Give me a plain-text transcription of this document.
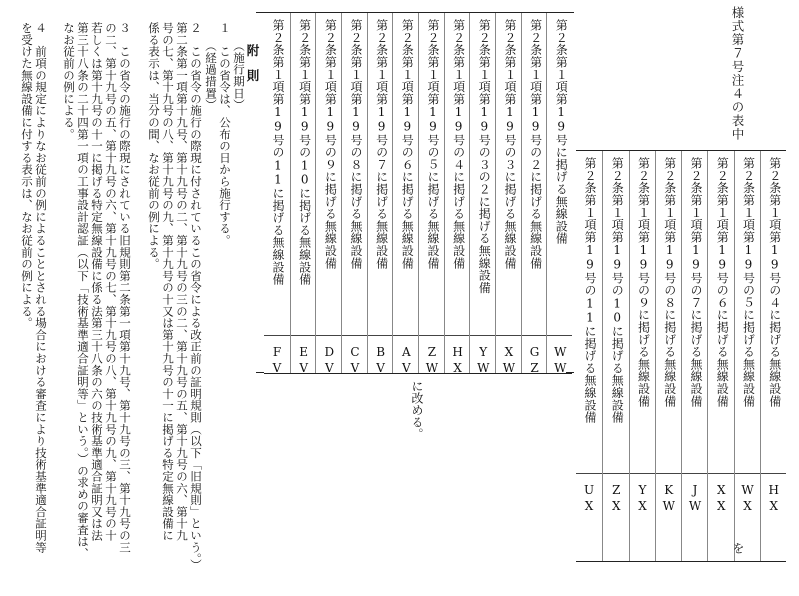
様式第７号注４の表中
第２条第１項第19号の４に掲げる無線設備
HX
第２条第１項第19号の５に掲げる無線設備
WX
第２条第１項第19号の６に掲げる無線設備
XX
第２条第１項第19号の７に掲げる無線設備
JW
第２条第１項第19号の８に掲げる無線設備
KW
第２条第１項第19号の９に掲げる無線設備
YX
第２条第１項第19号の10に掲げる無線設備
ZX
第２条第１項第19号の11に掲げる無線設備
UX
を
第２条第１項第19号に掲げる無線設備
WW
第２条第１項第19号の２に掲げる無線設備
GZ
第２条第１項第19号の３に掲げる無線設備
XW
第２条第１項第19号の３の２に掲げる無線設備
YW
第２条第１項第19号の４に掲げる無線設備
HX
第２条第１項第19号の５に掲げる無線設備
ZW
第２条第１項第19号の６に掲げる無線設備
AV
第２条第１項第19号の７に掲げる無線設備
BV
第２条第１項第19号の８に掲げる無線設備
CV
第２条第１項第19号の９に掲げる無線設備
DV
第２条第１項第19号の10に掲げる無線設備
EV
第２条第１項第19号の11に掲げる無線設備
FV
に改める。
附　則
（施行期日）
１　この省令は、公布の日から施行する。
（経過措置）
２　この省令の施行の際現に付されているこの省令による改正前の証明規則（以下「旧規則」という。）
第二条第一項第十九号、第十九号の二、第十九号の三の二、第十九号の五、第十九号の六、第十九
号の七、第十九号の八、第十九号の九、第十九号の十又は第十九号の十一に掲げる特定無線設備に
係る表示は、当分の間、なお従前の例による。
３　この省令の施行の際現にされている旧規則第二条第一項第十九号、第十九号の三、第十九号の三
の二、第十九号の五、第十九号の六、第十九号の七、第十九号の八、第十九号の九、第十九号の十
若しくは第十九号の十一に掲げる特定無線設備に係る法第三十八条の六の技術基準適合証明又は法
第三十八条の二十四第一項の工事設計認証（以下「技術基準適合証明等」という。）の求めの審査は、
なお従前の例による。
４　前項の規定によりなお従前の例によることとされる場合における審査により技術基準適合証明等
を受けた無線設備に付する表示は、なお従前の例による。
